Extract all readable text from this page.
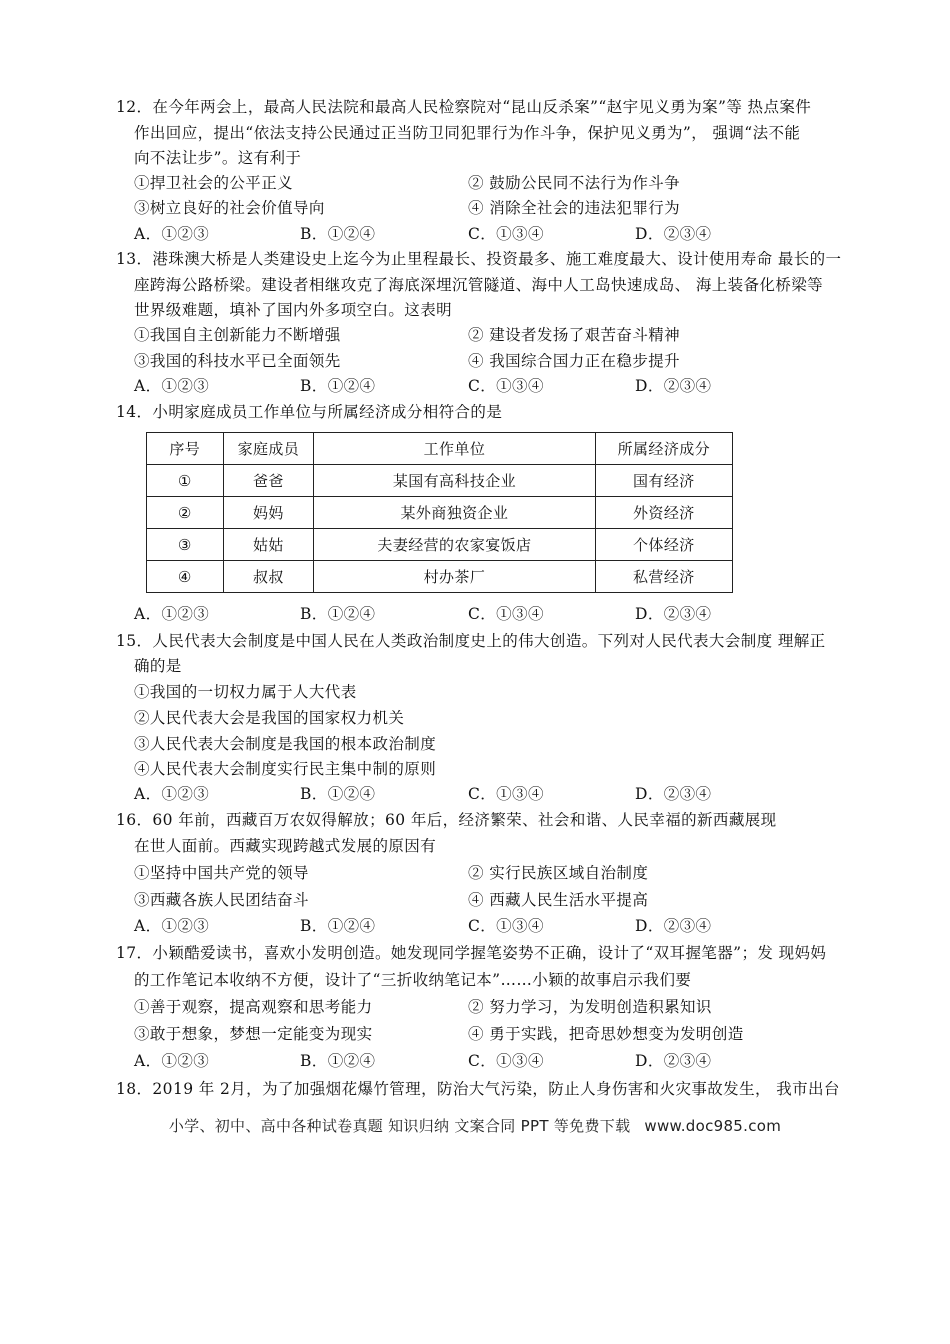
12．在今年两会上，最高人民法院和最高人民检察院对“昆山反杀案”“赵宇见义勇为案”等 热点案件
作出回应，提出“依法支持公民通过正当防卫同犯罪行为作斗争，保护见义勇为”， 强调“法不能
向不法让步”。这有利于
①捍卫社会的公平正义	② 鼓励公民同不法行为作斗争
③树立良好的社会价值导向	④ 消除全社会的违法犯罪行为
A．①②③	B．①②④	C．①③④	D．②③④
13．港珠澳大桥是人类建设史上迄今为止里程最长、投资最多、施工难度最大、设计使用寿命 最长的一
座跨海公路桥梁。建设者相继攻克了海底深埋沉管隧道、海中人工岛快速成岛、 海上装备化桥梁等
世界级难题，填补了国内外多项空白。这表明
①我国自主创新能力不断增强	② 建设者发扬了艰苦奋斗精神
③我国的科技水平已全面领先	④ 我国综合国力正在稳步提升
A．①②③	B．①②④	C．①③④	D．②③④
14．小明家庭成员工作单位与所属经济成分相符合的是
序号	家庭成员	工作单位	所属经济成分
①	爸爸	某国有高科技企业	国有经济
②	妈妈	某外商独资企业	外资经济
③	姑姑	夫妻经营的农家宴饭店	个体经济
④	叔叔	村办茶厂	私营经济
A．①②③	B．①②④	C．①③④	D．②③④
15．人民代表大会制度是中国人民在人类政治制度史上的伟大创造。下列对人民代表大会制度 理解正
确的是
①我国的一切权力属于人大代表
②人民代表大会是我国的国家权力机关
③人民代表大会制度是我国的根本政治制度
④人民代表大会制度实行民主集中制的原则
A．①②③	B．①②④	C．①③④	D．②③④
16．60 年前，西藏百万农奴得解放；60 年后，经济繁荣、社会和谐、人民幸福的新西藏展现
在世人面前。西藏实现跨越式发展的原因有
①坚持中国共产党的领导	② 实行民族区域自治制度
③西藏各族人民团结奋斗	④ 西藏人民生活水平提高
A．①②③	B．①②④	C．①③④	D．②③④
17．小颖酷爱读书，喜欢小发明创造。她发现同学握笔姿势不正确，设计了“双耳握笔器”；发 现妈妈
的工作笔记本收纳不方便，设计了“三折收纳笔记本”……小颖的故事启示我们要
①善于观察，提高观察和思考能力	② 努力学习，为发明创造积累知识
③敢于想象，梦想一定能变为现实	④ 勇于实践，把奇思妙想变为发明创造
A．①②③	B．①②④	C．①③④	D．②③④
18．2019 年 2月，为了加强烟花爆竹管理，防治大气污染，防止人身伤害和火灾事故发生， 我市出台
小学、初中、高中各种试卷真题 知识归纳 文案合同 PPT 等免费下载 www.doc985.com
